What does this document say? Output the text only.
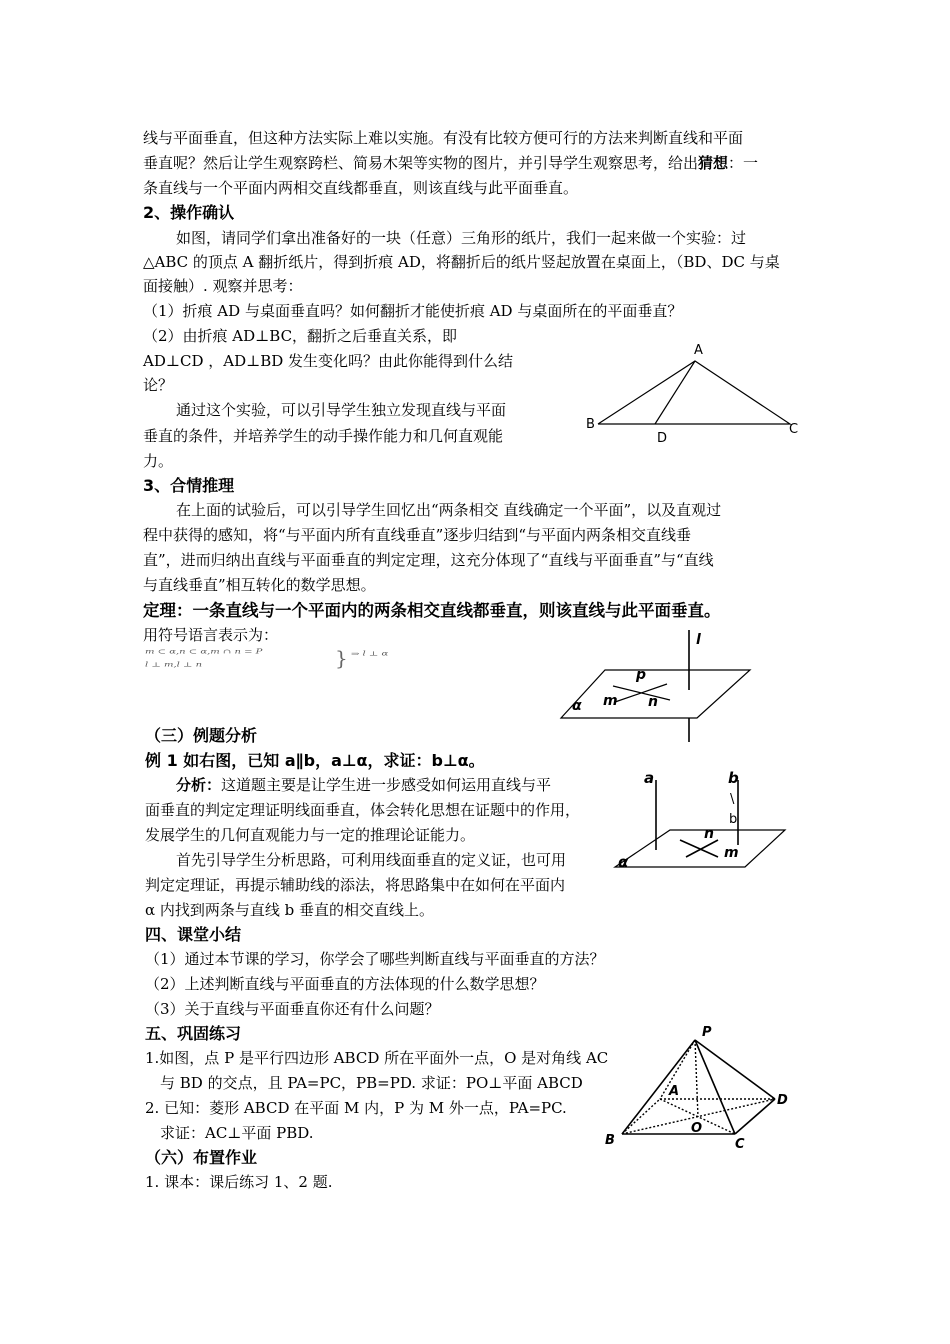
线与平面垂直，但这种方法实际上难以实施。有没有比较方便可行的方法来判断直线和平面
垂直呢？然后让学生观察跨栏、简易木架等实物的图片，并引导学生观察思考，给出猜想：一
条直线与一个平面内两相交直线都垂直，则该直线与此平面垂直。
2、操作确认
如图，请同学们拿出准备好的一块（任意）三角形的纸片，我们一起来做一个实验：过
△ABC 的顶点 A 翻折纸片，得到折痕 AD，将翻折后的纸片竖起放置在桌面上，（BD、DC 与桌
面接触）. 观察并思考：
（1）折痕 AD 与桌面垂直吗？如何翻折才能使折痕 AD 与桌面所在的平面垂直？
（2）由折痕 AD⊥BC，翻折之后垂直关系，即
AD⊥CD ，AD⊥BD 发生变化吗？由此你能得到什么结
论？
通过这个实验，可以引导学生独立发现直线与平面
垂直的条件，并培养学生的动手操作能力和几何直观能
力。
A
B	C
D
3、合情推理
在上面的试验后，可以引导学生回忆出“两条相交 直线确定一个平面”，以及直观过
程中获得的感知，将“与平面内所有直线垂直”逐步归结到“与平面内两条相交直线垂
直”，进而归纳出直线与平面垂直的判定定理，这充分体现了“直线与平面垂直”与“直线
与直线垂直”相互转化的数学思想。
定理：一条直线与一个平面内的两条相交直线都垂直，则该直线与此平面垂直。
用符号语言表示为：
m ⊂ α,n ⊂ α,m ∩ n = P
l ⊥ m,l ⊥ n	} ⇒ l ⊥ α
l
p
m n
α
（三）例题分析
例 1 如右图，已知 a∥b，a⊥α，求证：b⊥α。
分析：这道题主要是让学生进一步感受如何运用直线与平
面垂直的判定定理证明线面垂直，体会转化思想在证题中的作用，
发展学生的几何直观能力与一定的推理论证能力。
首先引导学生分析思路，可利用线面垂直的定义证，也可用
判定定理证，再提示辅助线的添法，将思路集中在如何在平面内
α 内找到两条与直线 b 垂直的相交直线上。
a	b
\
b
n
m
α
四、课堂小结
（1）通过本节课的学习，你学会了哪些判断直线与平面垂直的方法？
（2）上述判断直线与平面垂直的方法体现的什么数学思想？
（3）关于直线与平面垂直你还有什么问题？
五、巩固练习
1.如图，点 P 是平行四边形 ABCD 所在平面外一点，O 是对角线 AC
与 BD 的交点，且 PA=PC，PB=PD. 求证：PO⊥平面 ABCD
2. 已知：菱形 ABCD 在平面 M 内，P 为 M 外一点，PA=PC.
求证：AC⊥平面 PBD.
P
A
B	C
D
O
（六）布置作业
1. 课本：课后练习 1、2 题.
